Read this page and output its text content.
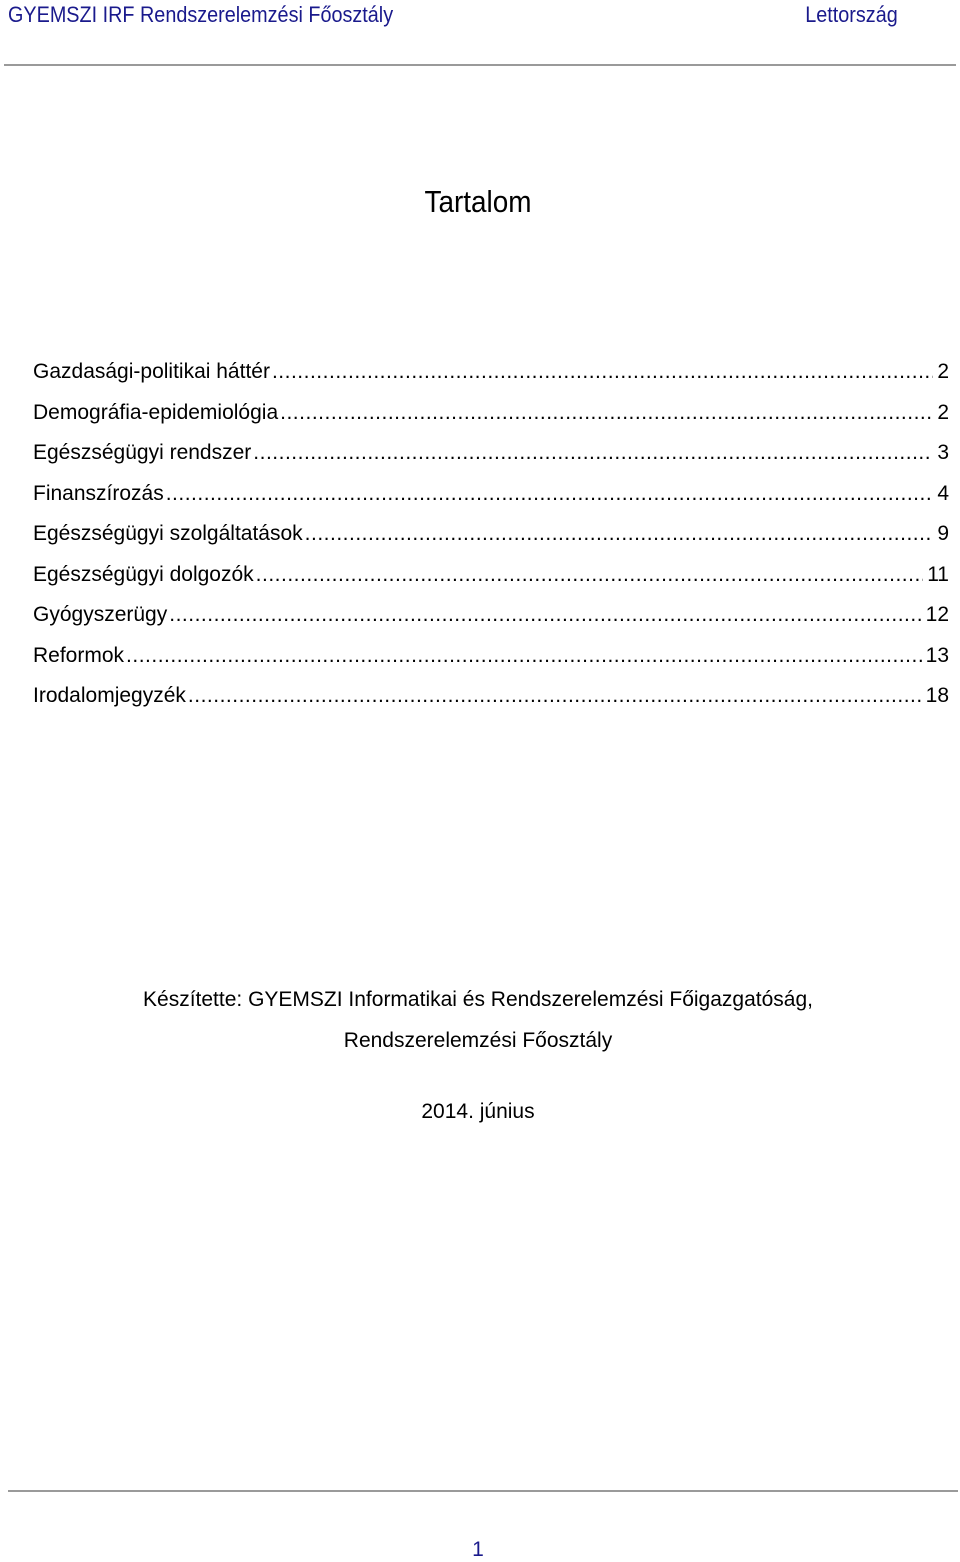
GYEMSZI IRF Rendszerelemzési Főosztály	Lettország
Tartalom
Gazdasági-politikai háttér .....	2
Demográfia-epidemiológia .....	2
Egészségügyi rendszer .....	3
Finanszírozás .....	4
Egészségügyi szolgáltatások .....	9
Egészségügyi dolgozók .....	11
Gyógyszerügy .....	12
Reformok .....	13
Irodalomjegyzék .....	18
Készítette: GYEMSZI Informatikai és Rendszerelemzési Főigazgatóság,
Rendszerelemzési Főosztály
2014. június
1
